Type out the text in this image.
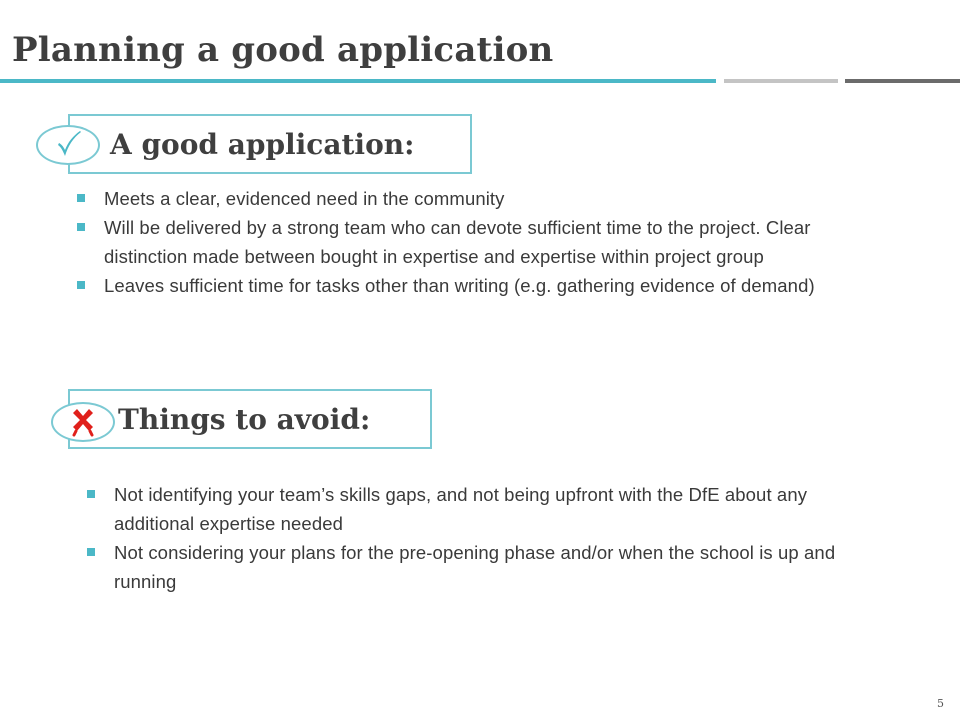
Planning a good application
A good application:
Meets a clear, evidenced need in the community
Will be delivered by a strong team who can devote sufficient time to the project. Clear distinction made between bought in expertise and expertise within project group
Leaves sufficient time for tasks other than writing (e.g. gathering evidence of demand)
Things to avoid:
Not identifying your team’s skills gaps, and not being upfront with the DfE about any additional expertise needed
Not considering your plans for the pre-opening phase and/or when the school is up and running
5
